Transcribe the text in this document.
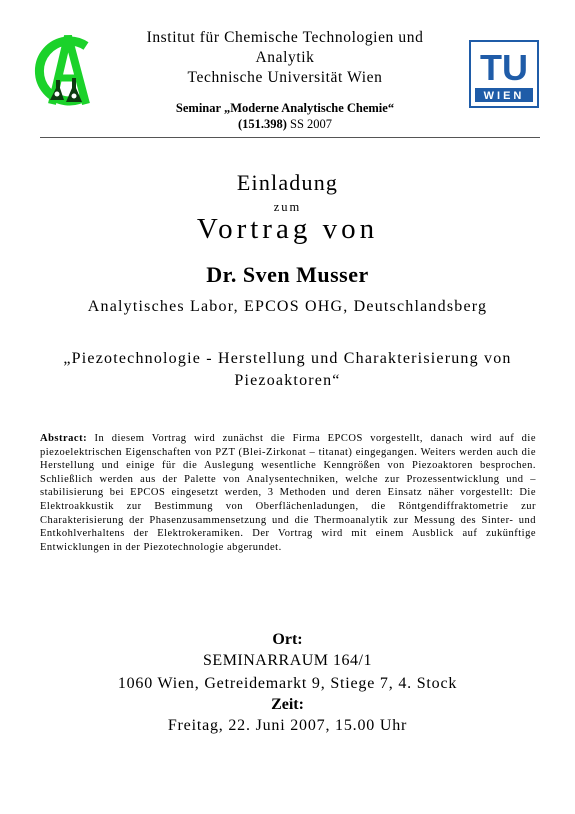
TU
WIEN
Institut für Chemische Technologien und
Analytik
Technische Universität Wien
Seminar „Moderne Analytische Chemie“
(151.398) SS 2007
Einladung
zum
Vortrag von
Dr. Sven Musser
Analytisches Labor, EPCOS OHG, Deutschlandsberg
„Piezotechnologie - Herstellung und Charakterisierung von
Piezoaktoren“
Abstract: In diesem Vortrag wird zunächst die Firma EPCOS vorgestellt, danach wird auf die piezoelektrischen Eigenschaften von PZT (Blei-Zirkonat – titanat) eingegangen. Weiters werden auch die Herstellung und einige für die Auslegung wesentliche Kenngrößen von Piezoaktoren besprochen. Schließlich werden aus der Palette von Analysentechniken, welche zur Prozessentwicklung und –stabilisierung bei EPCOS eingesetzt werden, 3 Methoden und deren Einsatz näher vorgestellt: Die Elektroakkustik zur Bestimmung von Oberflächenladungen, die Röntgendiffraktometrie zur Charakterisierung der Phasenzusammensetzung und die Thermoanalytik zur Messung des Sinter- und Entkohlverhaltens der Elektrokeramiken. Der Vortrag wird mit einem Ausblick auf zukünftige Entwicklungen in der Piezotechnologie abgerundet.
Ort:
SEMINARRAUM 164/1
1060 Wien, Getreidemarkt 9, Stiege 7, 4. Stock
Zeit:
Freitag, 22. Juni 2007, 15.00 Uhr
